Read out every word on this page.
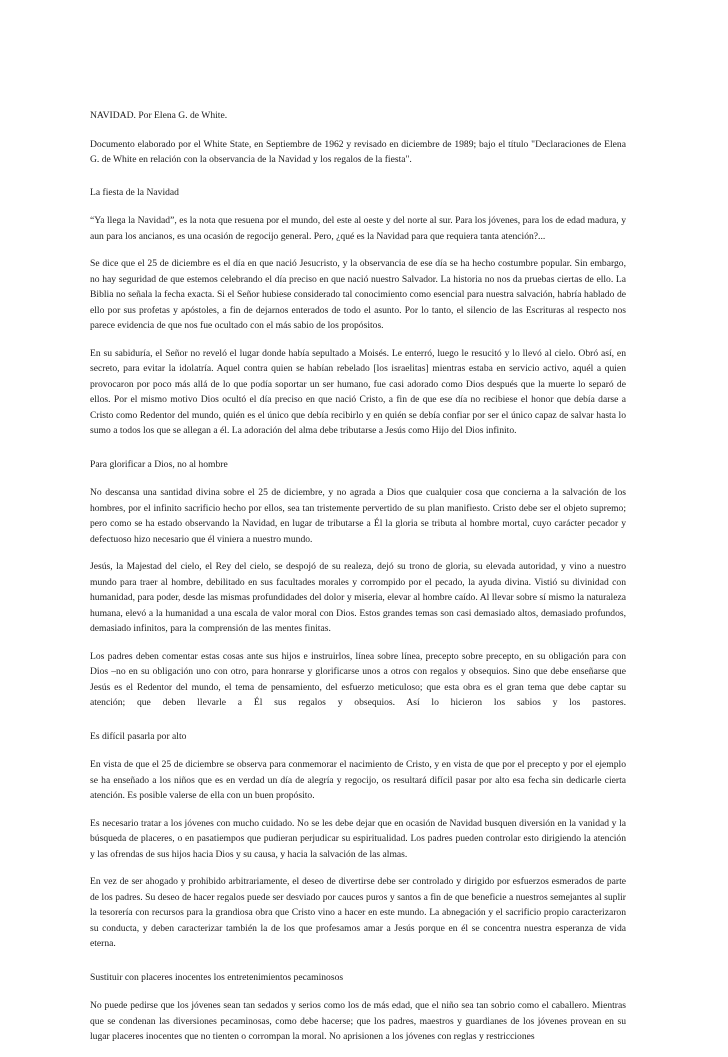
NAVIDAD. Por Elena G. de White.

Documento elaborado por el White State, en Septiembre de 1962 y revisado en diciembre de 1989; bajo el título "Declaraciones de Elena G. de White en relación con la observancia de la Navidad y los regalos de la fiesta".

La fiesta de la Navidad

“Ya llega la Navidad”, es la nota que resuena por el mundo, del este al oeste y del norte al sur. Para los jóvenes, para los de edad madura, y aun para los ancianos, es una ocasión de regocijo general. Pero, ¿qué es la Navidad para que requiera tanta atención?...

Se dice que el 25 de diciembre es el día en que nació Jesucristo, y la observancia de ese día se ha hecho costumbre popular. Sin embargo, no hay seguridad de que estemos celebrando el día preciso en que nació nuestro Salvador. La historia no nos da pruebas ciertas de ello. La Biblia no señala la fecha exacta. Si el Señor hubiese considerado tal conocimiento como esencial para nuestra salvación, habría hablado de ello por sus profetas y apóstoles, a fin de dejarnos enterados de todo el asunto. Por lo tanto, el silencio de las Escrituras al respecto nos parece evidencia de que nos fue ocultado con el más sabio de los propósitos.

En su sabiduría, el Señor no reveló el lugar donde había sepultado a Moisés. Le enterró, luego le resucitó y lo llevó al cielo. Obró así, en secreto, para evitar la idolatría. Aquel contra quien se habían rebelado [los israelitas] mientras estaba en servicio activo, aquél a quien provocaron por poco más allá de lo que podía soportar un ser humano, fue casi adorado como Dios después que la muerte lo separó de ellos. Por el mismo motivo Dios ocultó el día preciso en que nació Cristo, a fin de que ese día no recibiese el honor que debía darse a Cristo como Redentor del mundo, quién es el único que debía recibirlo y en quién se debía confiar por ser el único capaz de salvar hasta lo sumo a todos los que se allegan a él. La adoración del alma debe tributarse a Jesús como Hijo del Dios infinito.

Para glorificar a Dios, no al hombre

No descansa una santidad divina sobre el 25 de diciembre, y no agrada a Dios que cualquier cosa que concierna a la salvación de los hombres, por el infinito sacrificio hecho por ellos, sea tan tristemente pervertido de su plan manifiesto. Cristo debe ser el objeto supremo; pero como se ha estado observando la Navidad, en lugar de tributarse a Él la gloria se tributa al hombre mortal, cuyo carácter pecador y defectuoso hizo necesario que él viniera a nuestro mundo.

Jesús, la Majestad del cielo, el Rey del cielo, se despojó de su realeza, dejó su trono de gloria, su elevada autoridad, y vino a nuestro mundo para traer al hombre, debilitado en sus facultades morales y corrompido por el pecado, la ayuda divina. Vistió su divinidad con humanidad, para poder, desde las mismas profundidades del dolor y miseria, elevar al hombre caído. Al llevar sobre sí mismo la naturaleza humana, elevó a la humanidad a una escala de valor moral con Dios. Estos grandes temas son casi demasiado altos, demasiado profundos, demasiado infinitos, para la comprensión de las mentes finitas.

Los padres deben comentar estas cosas ante sus hijos e instruirlos, línea sobre línea, precepto sobre precepto, en su obligación para con Dios –no en su obligación uno con otro, para honrarse y glorificarse unos a otros con regalos y obsequios. Sino que debe enseñarse que Jesús es el Redentor del mundo, el tema de pensamiento, del esfuerzo meticuloso; que esta obra es el gran tema que debe captar su atención; que deben llevarle a Él sus regalos y obsequios. Así lo hicieron los sabios y los pastores.

Es difícil pasarla por alto

En vista de que el 25 de diciembre se observa para conmemorar el nacimiento de Cristo, y en vista de que por el precepto y por el ejemplo se ha enseñado a los niños que es en verdad un día de alegría y regocijo, os resultará difícil pasar por alto esa fecha sin dedicarle cierta atención. Es posible valerse de ella con un buen propósito.

Es necesario tratar a los jóvenes con mucho cuidado. No se les debe dejar que en ocasión de Navidad busquen diversión en la vanidad y la búsqueda de placeres, o en pasatiempos que pudieran perjudicar su espiritualidad. Los padres pueden controlar esto dirigiendo la atención y las ofrendas de sus hijos hacia Dios y su causa, y hacia la salvación de las almas.

En vez de ser ahogado y prohibido arbitrariamente, el deseo de divertirse debe ser controlado y dirigido por esfuerzos esmerados de parte de los padres. Su deseo de hacer regalos puede ser desviado por cauces puros y santos a fin de que beneficie a nuestros semejantes al suplir la tesorería con recursos para la grandiosa obra que Cristo vino a hacer en este mundo. La abnegación y el sacrificio propio caracterizaron su conducta, y deben caracterizar también la de los que profesamos amar a Jesús porque en él se concentra nuestra esperanza de vida eterna.

Sustituir con placeres inocentes los entretenimientos pecaminosos

No puede pedirse que los jóvenes sean tan sedados y serios como los de más edad, que el niño sea tan sobrio como el caballero. Mientras que se condenan las diversiones pecaminosas, como debe hacerse; que los padres, maestros y guardianes de los jóvenes provean en su lugar placeres inocentes que no tienten o corrompan la moral. No aprisionen a los jóvenes con reglas y restricciones
